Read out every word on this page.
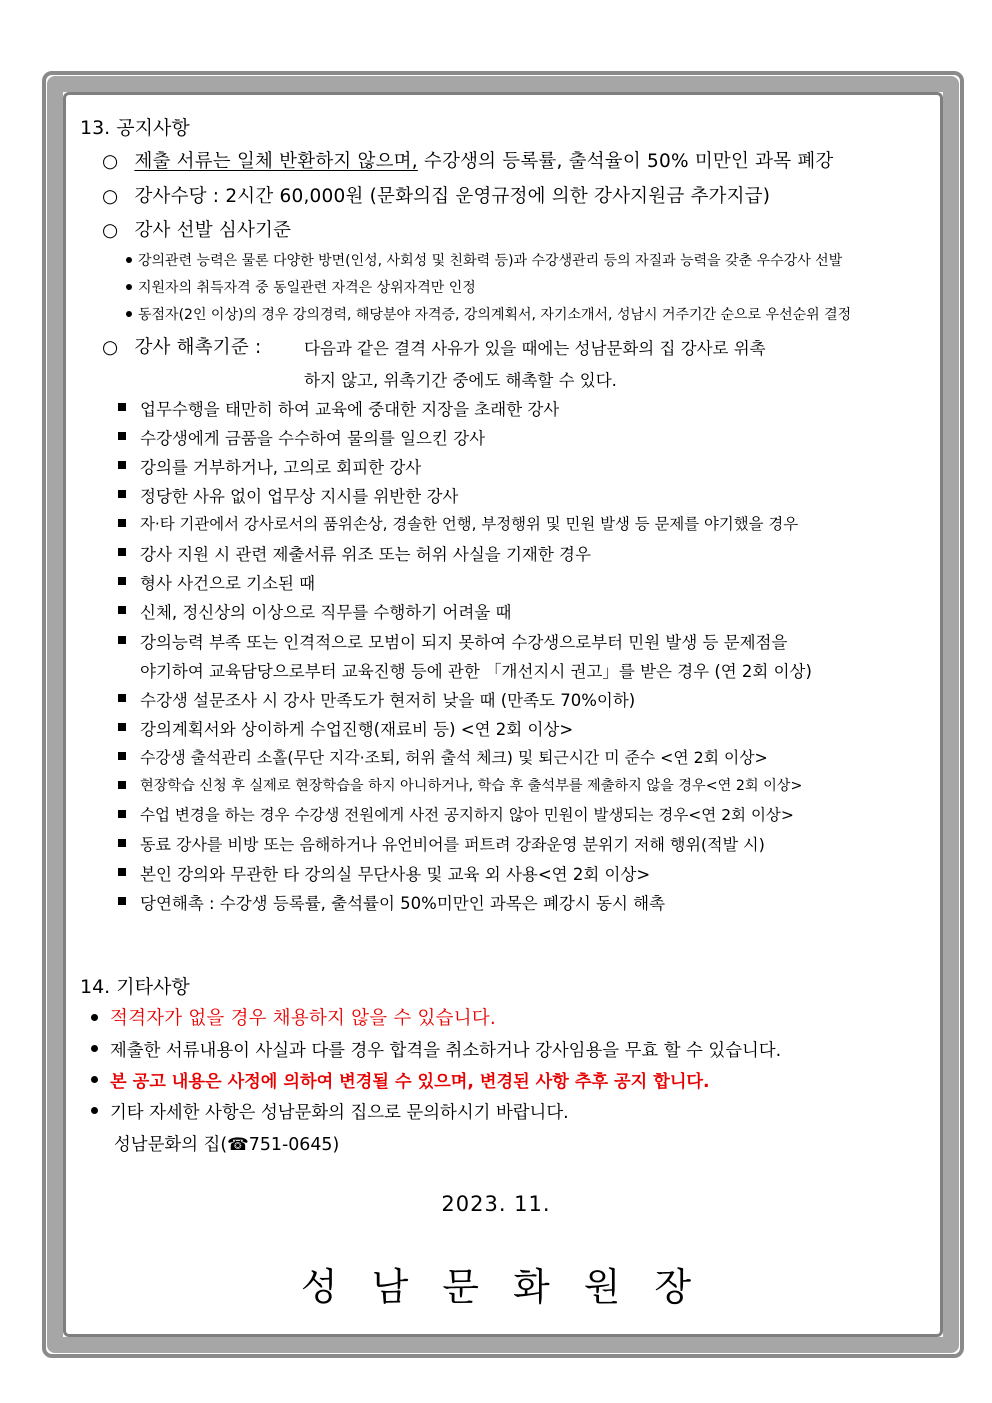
13. 공지사항
○ 제출 서류는 일체 반환하지 않으며, 수강생의 등록률, 출석율이 50% 미만인 과목 폐강
○ 강사수당 : 2시간 60,000원 (문화의집 운영규정에 의한 강사지원금 추가지급)
○ 강사 선발 심사기준
강의관련 능력은 물론 다양한 방면(인성, 사회성 및 친화력 등)과 수강생관리 등의 자질과 능력을 갖춘 우수강사 선발
지원자의 취득자격 중 동일관련 자격은 상위자격만 인정
동점자(2인 이상)의 경우 강의경력, 해당분야 자격증, 강의계획서, 자기소개서, 성남시 거주기간 순으로 우선순위 결정
○ 강사 해촉기준 :	다음과 같은 결격 사유가 있을 때에는 성남문화의 집 강사로 위촉
하지 않고, 위촉기간 중에도 해촉할 수 있다.
업무수행을 태만히 하여 교육에 중대한 지장을 초래한 강사
수강생에게 금품을 수수하여 물의를 일으킨 강사
강의를 거부하거나, 고의로 회피한 강사
정당한 사유 없이 업무상 지시를 위반한 강사
자·타 기관에서 강사로서의 품위손상, 경솔한 언행, 부정행위 및 민원 발생 등 문제를 야기했을 경우
강사 지원 시 관련 제출서류 위조 또는 허위 사실을 기재한 경우
형사 사건으로 기소된 때
신체, 정신상의 이상으로 직무를 수행하기 어려울 때
강의능력 부족 또는 인격적으로 모범이 되지 못하여 수강생으로부터 민원 발생 등 문제점을
야기하여 교육담당으로부터 교육진행 등에 관한 「개선지시 권고」를 받은 경우 (연 2회 이상)
수강생 설문조사 시 강사 만족도가 현저히 낮을 때 (만족도 70%이하)
강의계획서와 상이하게 수업진행(재료비 등) <연 2회 이상>
수강생 출석관리 소홀(무단 지각·조퇴, 허위 출석 체크) 및 퇴근시간 미 준수 <연 2회 이상>
현장학습 신청 후 실제로 현장학습을 하지 아니하거나, 학습 후 출석부를 제출하지 않을 경우<연 2회 이상>
수업 변경을 하는 경우 수강생 전원에게 사전 공지하지 않아 민원이 발생되는 경우<연 2회 이상>
동료 강사를 비방 또는 음해하거나 유언비어를 퍼트려 강좌운영 분위기 저해 행위(적발 시)
본인 강의와 무관한 타 강의실 무단사용 및 교육 외 사용<연 2회 이상>
당연해촉 : 수강생 등록률, 출석률이 50%미만인 과목은 폐강시 동시 해촉
14. 기타사항
적격자가 없을 경우 채용하지 않을 수 있습니다.
제출한 서류내용이 사실과 다를 경우 합격을 취소하거나 강사임용을 무효 할 수 있습니다.
본 공고 내용은 사정에 의하여 변경될 수 있으며, 변경된 사항 추후 공지 합니다.
기타 자세한 사항은 성남문화의 집으로 문의하시기 바랍니다.
성남문화의 집(☎751-0645)
2023. 11.
성남문화원장
